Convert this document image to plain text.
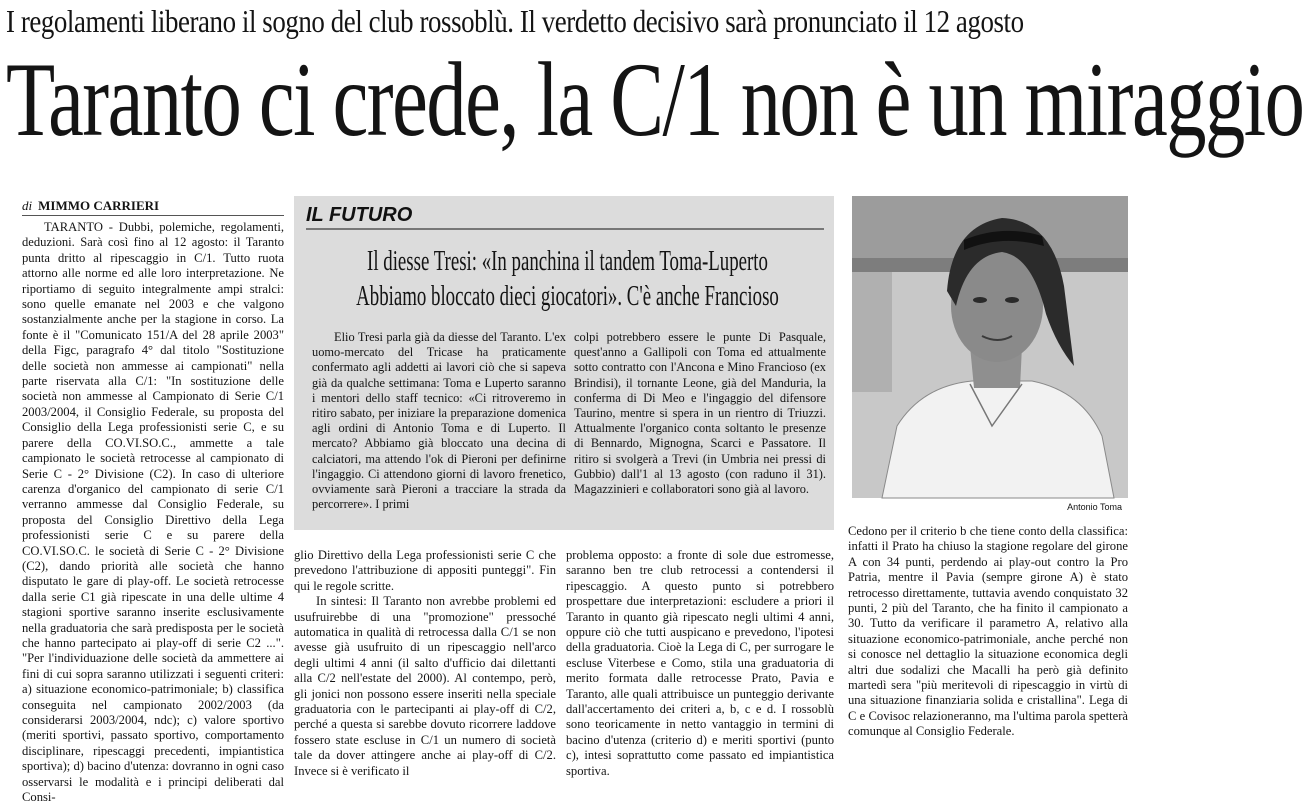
I regolamenti liberano il sogno del club rossoblù. Il verdetto decisivo sarà pronunciato il 12 agosto
Taranto ci crede, la C/1 non è un miraggio
di MIMMO CARRIERI

TARANTO - Dubbi, polemiche, regolamenti, deduzioni. Sarà così fino al 12 agosto: il Taranto punta dritto al ripescaggio in C/1. Tutto ruota attorno alle norme ed alle loro interpretazione. Ne riportiamo di seguito integralmente ampi stralci: sono quelle emanate nel 2003 e che valgono sostanzialmente anche per la stagione in corso. La fonte è il "Comunicato 151/A del 28 aprile 2003" della Figc, paragrafo 4° dal titolo "Sostituzione delle società non ammesse ai campionati" nella parte riservata alla C/1: "In sostituzione delle società non ammesse al Campionato di Serie C/1 2003/2004, il Consiglio Federale, su proposta del Consiglio della Lega professionisti serie C, e su parere della CO.VI.SO.C., ammette a tale campionato le società retrocesse al campionato di Serie C - 2° Divisione (C2). In caso di ulteriore carenza d'organico del campionato di serie C/1 verranno ammesse dal Consiglio Federale, su proposta del Consiglio Direttivo della Lega professionisti serie C e su parere della CO.VI.SO.C. le società di Serie C - 2° Divisione (C2), dando priorità alle società che hanno disputato le gare di play-off. Le società retrocesse dalla serie C1 già ripescate in una delle ultime 4 stagioni sportive saranno inserite esclusivamente nella graduatoria che sarà predisposta per le società che hanno partecipato ai play-off di serie C2 ...". "Per l'individuazione delle società da ammettere ai fini di cui sopra saranno utilizzati i seguenti criteri: a) situazione economico-patrimoniale; b) classifica conseguita nel campionato 2002/2003 (da considerarsi 2003/2004, ndc); c) valore sportivo (meriti sportivi, passato sportivo, comportamento disciplinare, ripescaggi precedenti, impiantistica sportiva); d) bacino d'utenza: dovranno in ogni caso osservarsi le modalità e i principi deliberati dal Consi-

IL FUTURO
Il diesse Tresi: «In panchina il tandem Toma-Luperto
Abbiamo bloccato dieci giocatori». C'è anche Francioso

Elio Tresi parla già da diesse del Taranto. L'ex uomo-mercato del Tricase ha praticamente confermato agli addetti ai lavori ciò che si sapeva già da qualche settimana: Toma e Luperto saranno i mentori dello staff tecnico: «Ci ritroveremo in ritiro sabato, per iniziare la preparazione domenica agli ordini di Antonio Toma e di Luperto. Il mercato? Abbiamo già bloccato una decina di calciatori, ma attendo l'ok di Pieroni per definirne l'ingaggio. Ci attendono giorni di lavoro frenetico, ovviamente sarà Pieroni a tracciare la strada da percorrere». I primi

colpi potrebbero essere le punte Di Pasquale, quest'anno a Gallipoli con Toma ed attualmente sotto contratto con l'Ancona e Mino Francioso (ex Brindisi), il tornante Leone, già del Manduria, la conferma di Di Meo e l'ingaggio del difensore Taurino, mentre si spera in un rientro di Triuzzi. Attualmente l'organico conta soltanto le presenze di Bennardo, Mignogna, Scarci e Passatore. Il ritiro si svolgerà a Trevi (in Umbria nei pressi di Gubbio) dall'1 al 13 agosto (con raduno il 31). Magazzinieri e collaboratori sono già al lavoro.

Antonio Toma

glio Direttivo della Lega professionisti serie C che prevedono l'attribuzione di appositi punteggi". Fin qui le regole scritte.

In sintesi: Il Taranto non avrebbe problemi ed usufruirebbe di una "promozione" pressoché automatica in qualità di retrocessa dalla C/1 se non avesse già usufruito di un ripescaggio nell'arco degli ultimi 4 anni (il salto d'ufficio dai dilettanti alla C/2 nell'estate del 2000). Al contempo, però, gli jonici non possono essere inseriti nella speciale graduatoria con le partecipanti ai play-off di C/2, perché a questa si sarebbe dovuto ricorrere laddove fossero state escluse in C/1 un numero di società tale da dover attingere anche ai play-off di C/2. Invece si è verificato il

problema opposto: a fronte di sole due estromesse, saranno ben tre club retrocessi a contendersi il ripescaggio. A questo punto si potrebbero prospettare due interpretazioni: escludere a priori il Taranto in quanto già ripescato negli ultimi 4 anni, oppure ciò che tutti auspicano e prevedono, l'ipotesi della graduatoria. Cioè la Lega di C, per surrogare le escluse Viterbese e Como, stila una graduatoria di merito formata dalle retrocesse Prato, Pavia e Taranto, alle quali attribuisce un punteggio derivante dall'accertamento dei criteri a, b, c e d. I rossoblù sono teoricamente in netto vantaggio in termini di bacino d'utenza (criterio d) e meriti sportivi (punto c), intesi soprattutto come passato ed impiantistica sportiva.

Cedono per il criterio b che tiene conto della classifica: infatti il Prato ha chiuso la stagione regolare del girone A con 34 punti, perdendo ai play-out contro la Pro Patria, mentre il Pavia (sempre girone A) è stato retrocesso direttamente, tuttavia avendo conquistato 32 punti, 2 più del Taranto, che ha finito il campionato a 30. Tutto da verificare il parametro A, relativo alla situazione economico-patrimoniale, anche perché non si conosce nel dettaglio la situazione economica degli altri due sodalizi che Macalli ha però già definito martedì sera "più meritevoli di ripescaggio in virtù di una situazione finanziaria solida e cristallina". Lega di C e Covisoc relazioneranno, ma l'ultima parola spetterà comunque al Consiglio Federale.
